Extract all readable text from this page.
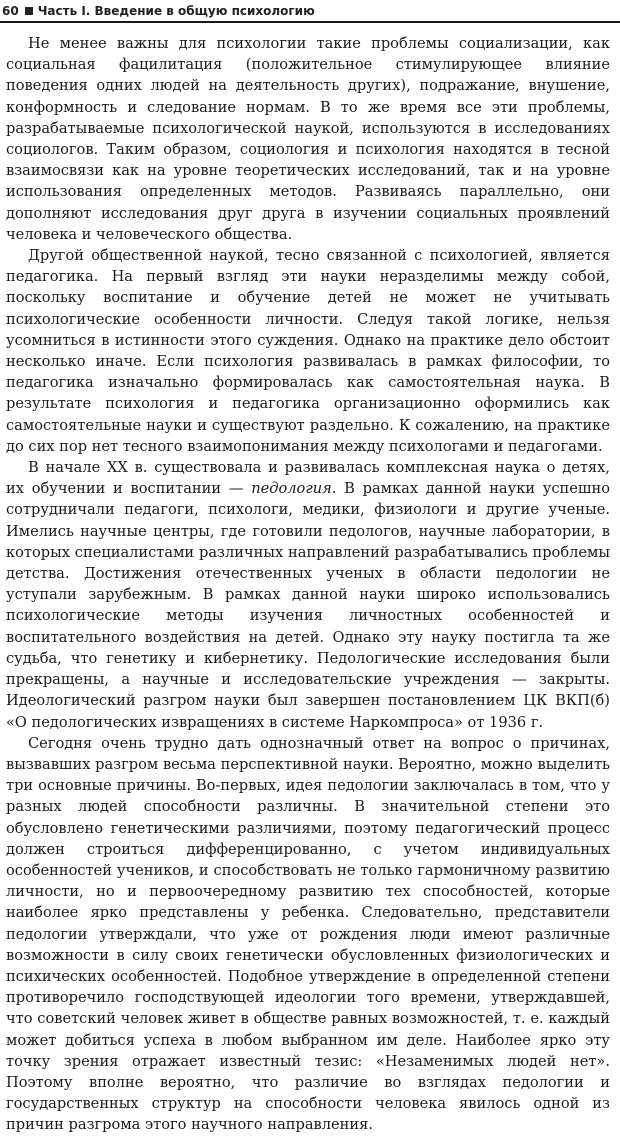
60 Часть I. Введение в общую психологию

Не менее важны для психологии такие проблемы социализации, как социальная фацилитация (положительное стимулирующее влияние поведения одних людей на деятельность других), подражание, внушение, конформность и следование нормам. В то же время все эти проблемы, разрабатываемые психологической наукой, используются в исследованиях социологов. Таким образом, социология и психология находятся в тесной взаимосвязи как на уровне теоретических исследований, так и на уровне использования определенных методов. Развиваясь параллельно, они дополняют исследования друг друга в изучении социальных проявлений человека и человеческого общества.

Другой общественной наукой, тесно связанной с психологией, является педагогика. На первый взгляд эти науки неразделимы между собой, поскольку воспитание и обучение детей не может не учитывать психологические особенности личности. Следуя такой логике, нельзя усомниться в истинности этого суждения. Однако на практике дело обстоит несколько иначе. Если психология развивалась в рамках философии, то педагогика изначально формировалась как самостоятельная наука. В результате психология и педагогика организационно оформились как самостоятельные науки и существуют раздельно. К сожалению, на практике до сих пор нет тесного взаимопонимания между психологами и педагогами.

В начале XX в. существовала и развивалась комплексная наука о детях, их обучении и воспитании — педология. В рамках данной науки успешно сотрудничали педагоги, психологи, медики, физиологи и другие ученые. Имелись научные центры, где готовили педологов, научные лаборатории, в которых специалистами различных направлений разрабатывались проблемы детства. Достижения отечественных ученых в области педологии не уступали зарубежным. В рамках данной науки широко использовались психологические методы изучения личностных особенностей и воспитательного воздействия на детей. Однако эту науку постигла та же судьба, что генетику и кибернетику. Педологические исследования были прекращены, а научные и исследовательские учреждения — закрыты. Идеологический разгром науки был завершен постановлением ЦК ВКП(б) «О педологических извращениях в системе Наркомпроса» от 1936 г.

Сегодня очень трудно дать однозначный ответ на вопрос о причинах, вызвавших разгром весьма перспективной науки. Вероятно, можно выделить три основные причины. Во-первых, идея педологии заключалась в том, что у разных людей способности различны. В значительной степени это обусловлено генетическими различиями, поэтому педагогический процесс должен строиться дифференцированно, с учетом индивидуальных особенностей учеников, и способствовать не только гармоничному развитию личности, но и первоочередному развитию тех способностей, которые наиболее ярко представлены у ребенка. Следовательно, представители педологии утверждали, что уже от рождения люди имеют различные возможности в силу своих генетически обусловленных физиологических и психических особенностей. Подобное утверждение в определенной степени противоречило господствующей идеологии того времени, утверждавшей, что советский человек живет в обществе равных возможностей, т. е. каждый может добиться успеха в любом выбранном им деле. Наиболее ярко эту точку зрения отражает известный тезис: «Незаменимых людей нет». Поэтому вполне вероятно, что различие во взглядах педологии и государственных структур на способности человека явилось одной из причин разгрома этого научного направления.
